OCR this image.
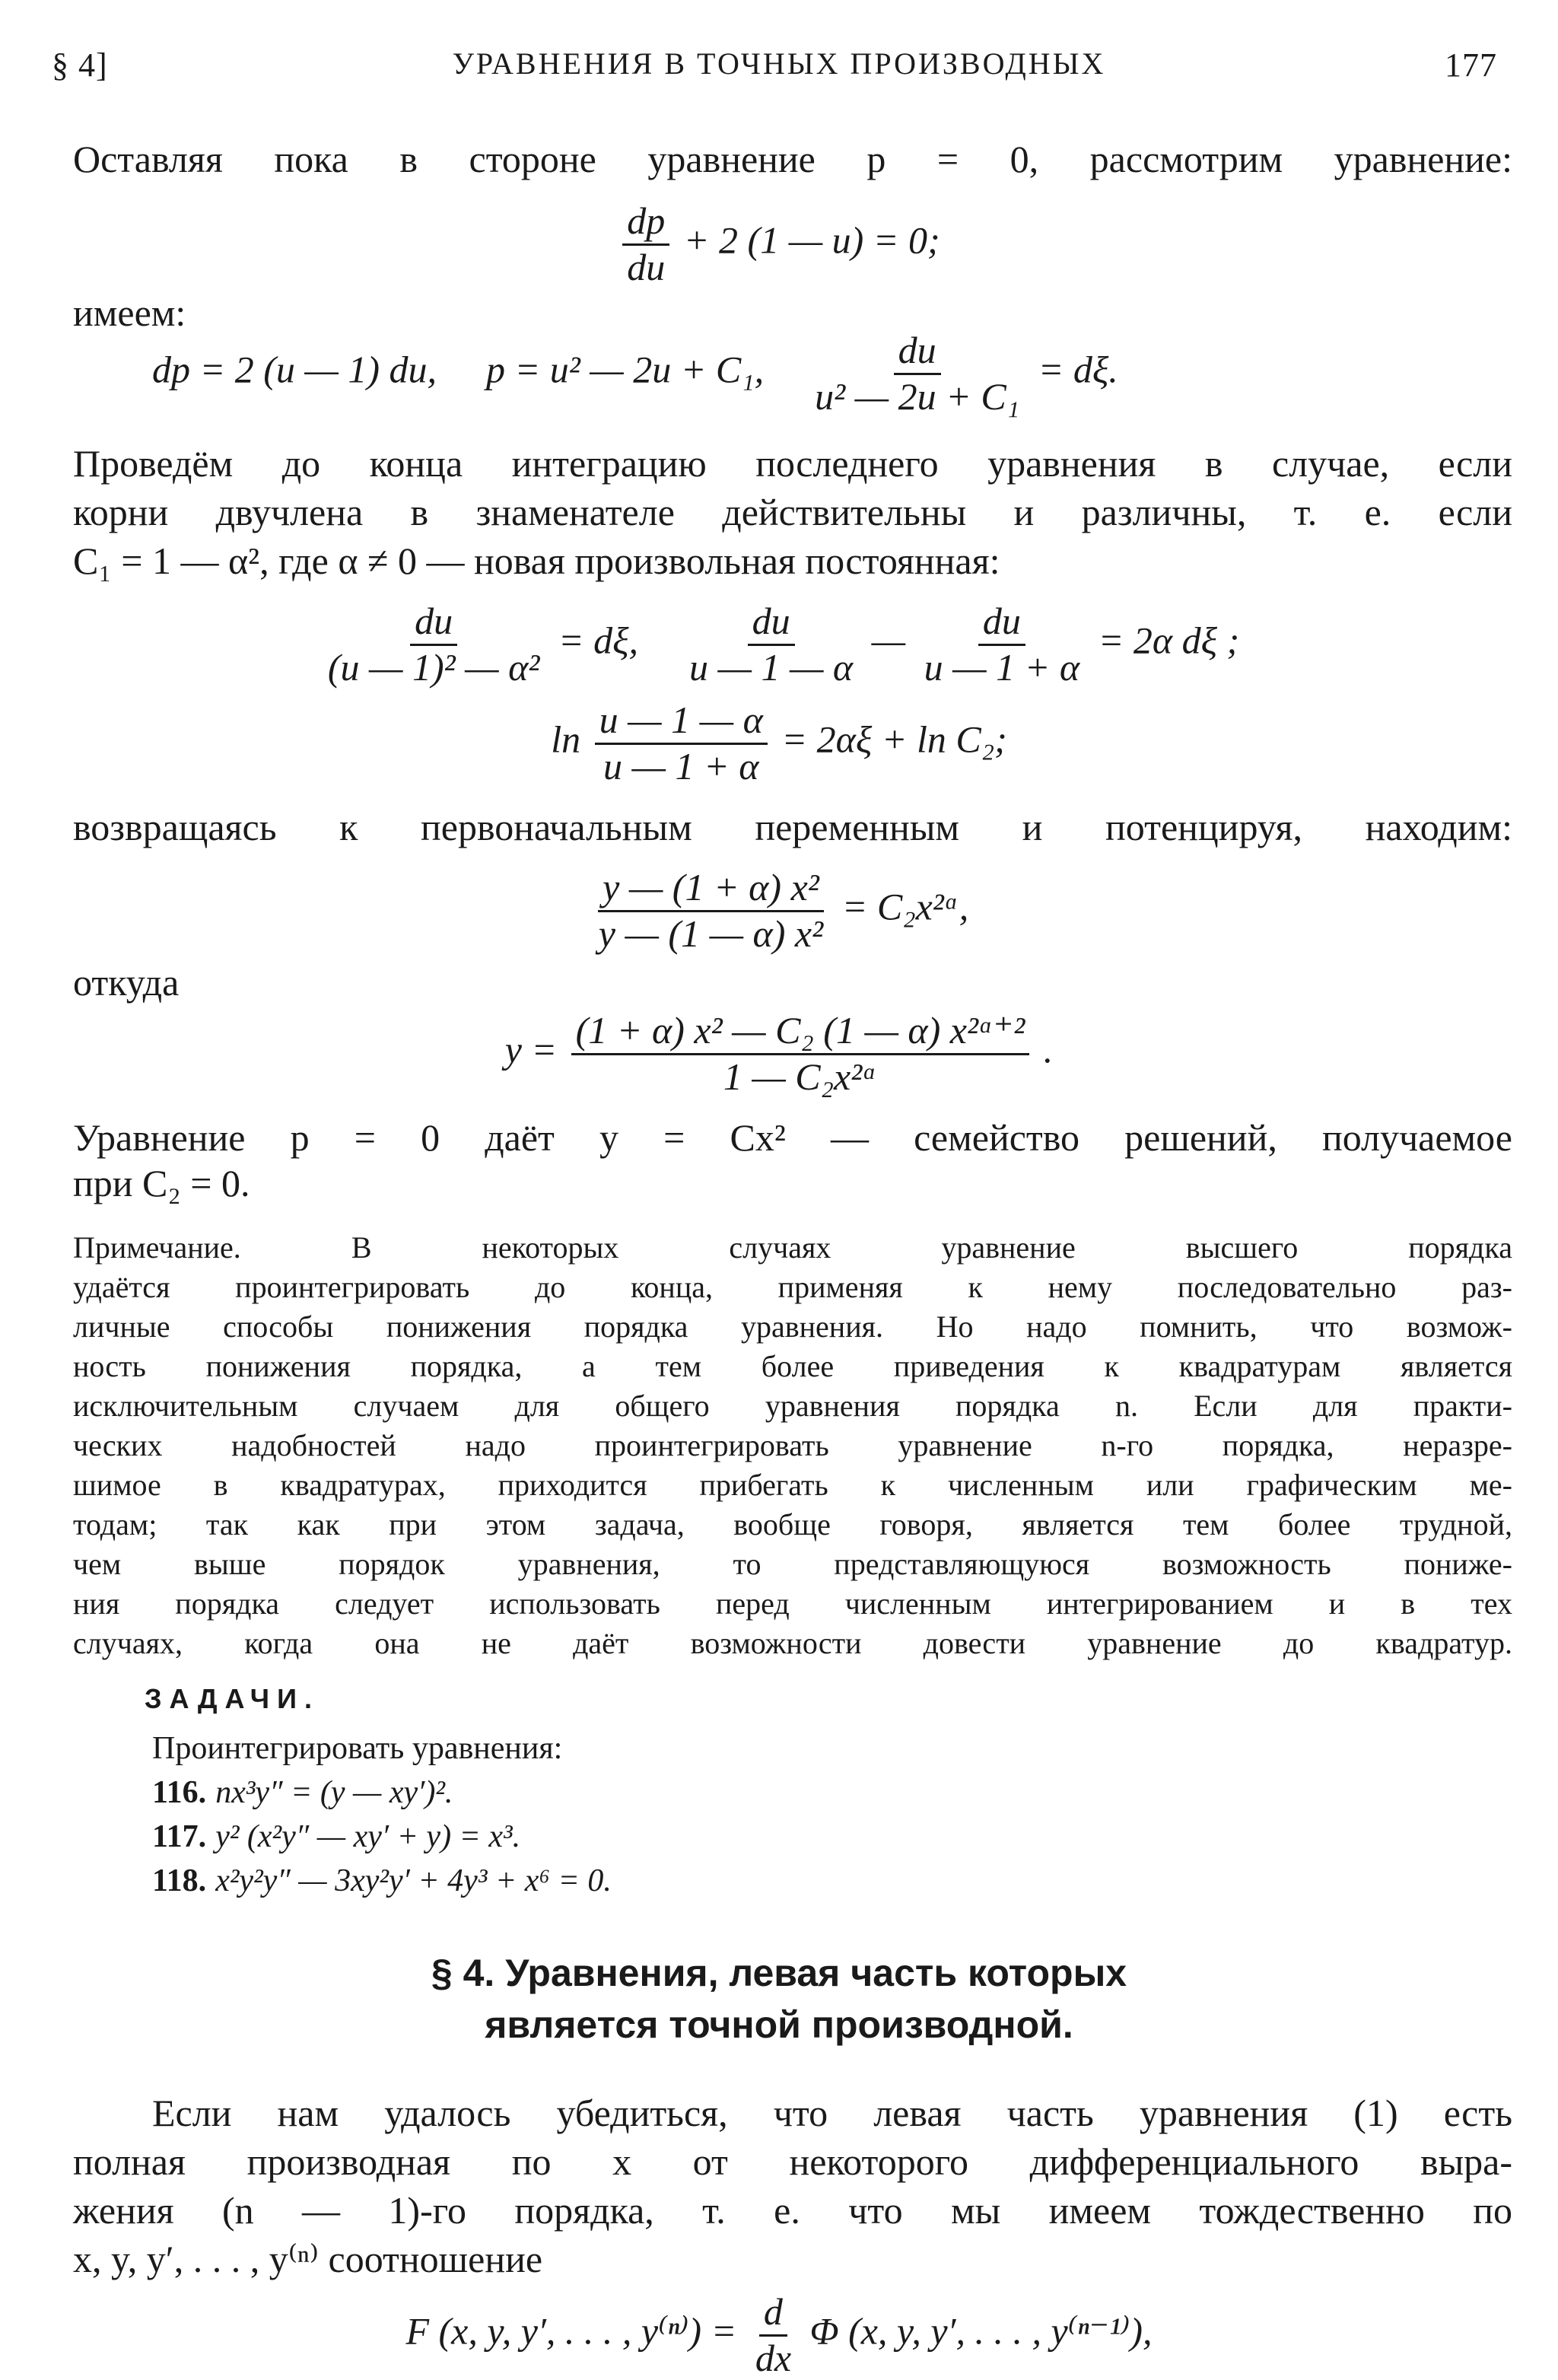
§ 4]	УРАВНЕНИЯ В ТОЧНЫХ ПРОИЗВОДНЫХ	177
Оставляя пока в стороне уравнение p = 0, рассмотрим уравнение:
$\frac{dp}{du} + 2$ (1 — u) = 0;
имеем:
dp = 2 (u — 1) du, p = u² — 2u + C₁, $\frac{du}{\text{u² — 2u + C₁}} = d\xi$.
Проведём до конца интеграцию последнего уравнения в случае, если
корни двучлена в знаменателе действительны и различны, т. е. если
C₁ = 1 — α², где α ≠ 0 — новая произвольная постоянная:
$\frac{du}{\text{(u — 1)² — α²}} = d\xi$, $\frac{du}{u — 1 — \alpha}$ — $\frac{du}{u — 1 + \alpha} = 2\alpha$ dξ ;
$\ln \frac{u — 1 — \alpha}{u — 1 + \alpha} = 2\alpha\xi + \ln C_2$;
возвращаясь к первоначальным переменным и потенцируя, находим:
$\frac{\text{y — (1 + α) x²}}{\text{y — (1 — α) x²}}$ = C₂x²ᵅ,
откуда
$y = \frac{\text{(1 + α) x² — C₂ (1 — α) x²ᵅ⁺²}}{\text{1 — C₂x²ᵅ}}$ .
Уравнение p = 0 даёт y = Cx² — семейство решений, получаемое
при C₂ = 0.
Примечание. В некоторых случаях уравнение высшего порядка
удаётся проинтегрировать до конца, применяя к нему последовательно раз-
личные способы понижения порядка уравнения. Но надо помнить, что возмож-
ность понижения порядка, а тем более приведения к квадратурам является
исключительным случаем для общего уравнения порядка n. Если для практи-
ческих надобностей надо проинтегрировать уравнение n-го порядка, неразре-
шимое в квадратурах, приходится прибегать к численным или графическим ме-
тодам; так как при этом задача, вообще говоря, является тем более трудной,
чем выше порядок уравнения, то представляющуюся возможность пониже-
ния порядка следует использовать перед численным интегрированием и в тех
случаях, когда она не даёт возможности довести уравнение до квадратур.
ЗАДАЧИ.
Проинтегрировать уравнения:
116. nx³y″ = (y — xy′)².
117. y² (x²y″ — xy′ + y) = x³.
118. x²y²y″ — 3xy²y′ + 4y³ + x⁶ = 0.
§ 4. Уравнения, левая часть которых
является точной производной.
Если нам удалось убедиться, что левая часть уравнения (1) есть
полная производная по x от некоторого дифференциального выра-
жения (n — 1)-го порядка, т. е. что мы имеем тождественно по
x, y, y′, . . . , y⁽ⁿ⁾ соотношение
F (x, y, y′, . . . , $y^{(n)}) = \frac{d}{dx}$ Φ (x, y, y′, . . . , y⁽ⁿ⁻¹⁾),
